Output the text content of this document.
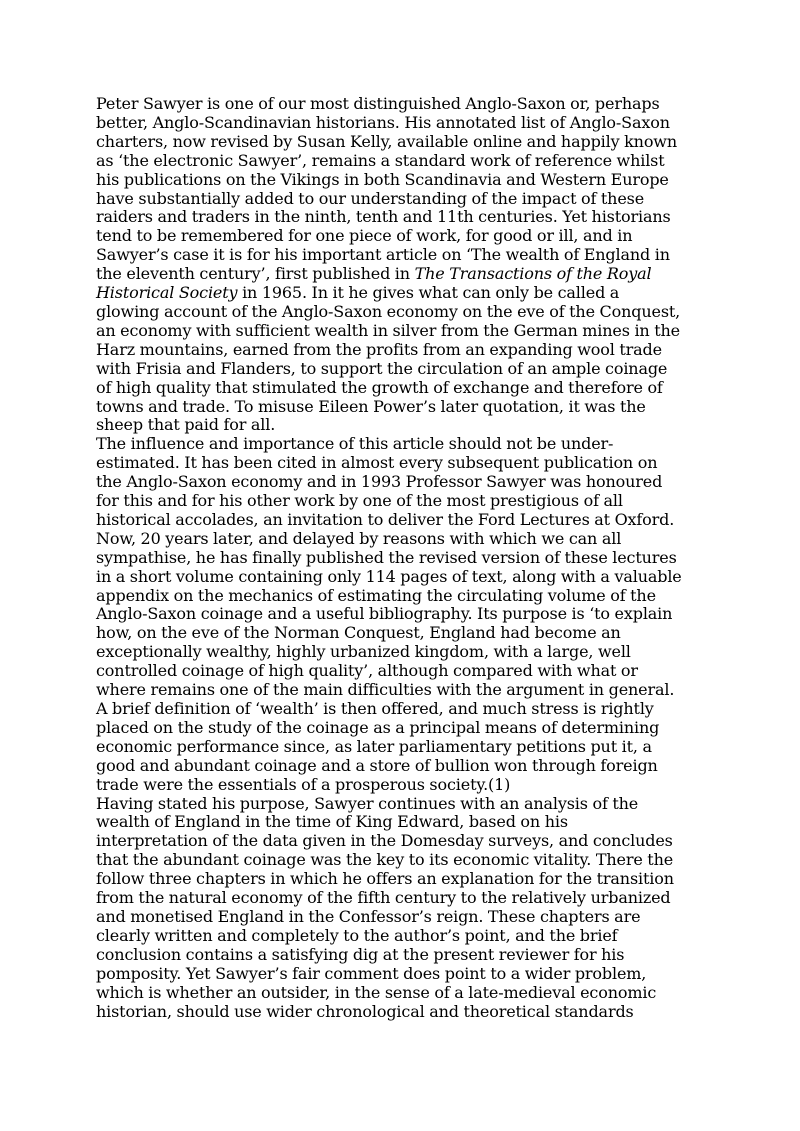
Peter Sawyer is one of our most distinguished Anglo-Saxon or, perhaps
better, Anglo-Scandinavian historians. His annotated list of Anglo-Saxon
charters, now revised by Susan Kelly, available online and happily known
as ‘the electronic Sawyer’, remains a standard work of reference whilst
his publications on the Vikings in both Scandinavia and Western Europe
have substantially added to our understanding of the impact of these
raiders and traders in the ninth, tenth and 11th centuries. Yet historians
tend to be remembered for one piece of work, for good or ill, and in
Sawyer’s case it is for his important article on ‘The wealth of England in
the eleventh century’, first published in The Transactions of the Royal
Historical Society in 1965. In it he gives what can only be called a
glowing account of the Anglo-Saxon economy on the eve of the Conquest,
an economy with sufficient wealth in silver from the German mines in the
Harz mountains, earned from the profits from an expanding wool trade
with Frisia and Flanders, to support the circulation of an ample coinage
of high quality that stimulated the growth of exchange and therefore of
towns and trade. To misuse Eileen Power’s later quotation, it was the
sheep that paid for all.
The influence and importance of this article should not be under-
estimated. It has been cited in almost every subsequent publication on
the Anglo-Saxon economy and in 1993 Professor Sawyer was honoured
for this and for his other work by one of the most prestigious of all
historical accolades, an invitation to deliver the Ford Lectures at Oxford.
Now, 20 years later, and delayed by reasons with which we can all
sympathise, he has finally published the revised version of these lectures
in a short volume containing only 114 pages of text, along with a valuable
appendix on the mechanics of estimating the circulating volume of the
Anglo-Saxon coinage and a useful bibliography. Its purpose is ‘to explain
how, on the eve of the Norman Conquest, England had become an
exceptionally wealthy, highly urbanized kingdom, with a large, well
controlled coinage of high quality’, although compared with what or
where remains one of the main difficulties with the argument in general.
A brief definition of ‘wealth’ is then offered, and much stress is rightly
placed on the study of the coinage as a principal means of determining
economic performance since, as later parliamentary petitions put it, a
good and abundant coinage and a store of bullion won through foreign
trade were the essentials of a prosperous society.(1)
Having stated his purpose, Sawyer continues with an analysis of the
wealth of England in the time of King Edward, based on his
interpretation of the data given in the Domesday surveys, and concludes
that the abundant coinage was the key to its economic vitality. There the
follow three chapters in which he offers an explanation for the transition
from the natural economy of the fifth century to the relatively urbanized
and monetised England in the Confessor’s reign. These chapters are
clearly written and completely to the author’s point, and the brief
conclusion contains a satisfying dig at the present reviewer for his
pomposity. Yet Sawyer’s fair comment does point to a wider problem,
which is whether an outsider, in the sense of a late-medieval economic
historian, should use wider chronological and theoretical standards
